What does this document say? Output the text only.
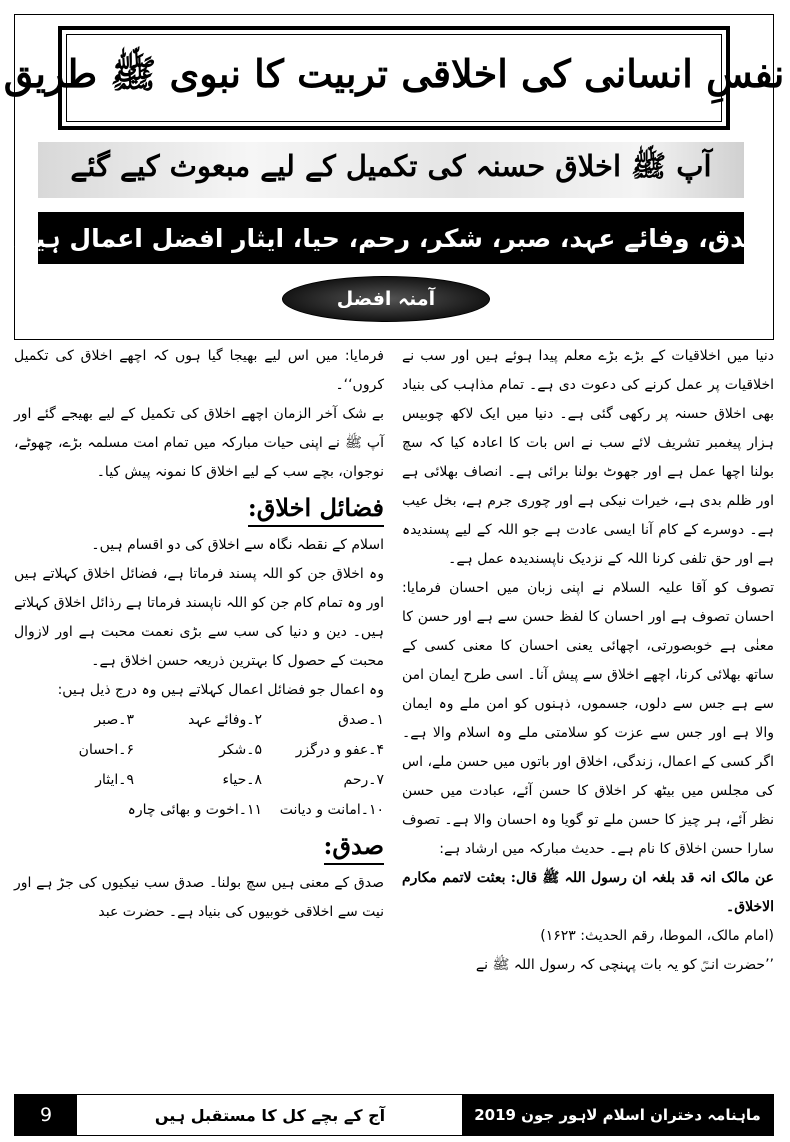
نفسِ انسانی کی اخلاقی تربیت کا نبوی ﷺ طریق
آپ ﷺ اخلاق حسنہ کی تکمیل کے لیے مبعوث کیے گئے
صدق، وفائے عہد، صبر، شکر، رحم، حیا، ایثار افضل اعمال ہیں
آمنہ افضل

دنیا میں اخلاقیات کے بڑے بڑے معلم پیدا ہوئے ہیں اور سب نے اخلاقیات پر عمل کرنے کی دعوت دی ہے۔ تمام مذاہب کی بنیاد بھی اخلاق حسنہ پر رکھی گئی ہے۔ دنیا میں ایک لاکھ چوبیس ہزار پیغمبر تشریف لائے سب نے اس بات کا اعادہ کیا کہ سچ بولنا اچھا عمل ہے اور جھوٹ بولنا برائی ہے۔ انصاف بھلائی ہے اور ظلم بدی ہے، خیرات نیکی ہے اور چوری جرم ہے، بخل عیب ہے۔ دوسرے کے کام آنا ایسی عادت ہے جو اللہ کے لیے پسندیدہ ہے اور حق تلفی کرنا اللہ کے نزدیک ناپسندیدہ عمل ہے۔

تصوف کو آقا علیہ السلام نے اپنی زبان میں احسان فرمایا: احسان تصوف ہے اور احسان کا لفظ حسن سے ہے اور حسن کا معنٰی ہے خوبصورتی، اچھائی یعنی احسان کا معنی کسی کے ساتھ بھلائی کرنا، اچھے اخلاق سے پیش آنا۔ اسی طرح ایمان امن سے ہے جس سے دلوں، جسموں، ذہنوں کو امن ملے وہ ایمان والا ہے اور جس سے عزت کو سلامتی ملے وہ اسلام والا ہے۔ اگر کسی کے اعمال، زندگی، اخلاق اور باتوں میں حسن ملے، اس کی مجلس میں بیٹھ کر اخلاق کا حسن آئے، عبادت میں حسن نظر آئے، ہر چیز کا حسن ملے تو گویا وہ احسان والا ہے۔ تصوف سارا حسن اخلاق کا نام ہے۔ حدیث مبارکہ میں ارشاد ہے:

عن مالک انہ قد بلغہ ان رسول اللہ ﷺ قال: بعثت لاتمم مکارم الاخلاق۔

(امام مالک، الموطا، رقم الحدیث: ۱۶۲۳)

’’حضرت انسؓ کو یہ بات پہنچی کہ رسول اللہ ﷺ نے

فرمایا: میں اس لیے بھیجا گیا ہوں کہ اچھے اخلاق کی تکمیل کروں‘‘۔

بے شک آخر الزمان اچھے اخلاق کی تکمیل کے لیے بھیجے گئے اور آپ ﷺ نے اپنی حیات مبارکہ میں تمام امت مسلمہ بڑے، چھوٹے، نوجوان، بچے سب کے لیے اخلاق کا نمونہ پیش کیا۔

فضائل اخلاق:

اسلام کے نقطہ نگاہ سے اخلاق کی دو اقسام ہیں۔

وہ اخلاق جن کو اللہ پسند فرماتا ہے، فضائل اخلاق کہلاتے ہیں اور وہ تمام کام جن کو اللہ ناپسند فرماتا ہے رذائل اخلاق کہلاتے ہیں۔ دین و دنیا کی سب سے بڑی نعمت محبت ہے اور لازوال محبت کے حصول کا بہترین ذریعہ حسن اخلاق ہے۔

وہ اعمال جو فضائل اعمال کہلاتے ہیں وہ درج ذیل ہیں:

۱۔صدق
۲۔وفائے عہد
۳۔صبر
۴۔عفو و درگزر
۵۔شکر
۶۔احسان
۷۔رحم
۸۔حیاء
۹۔ایثار
۱۰۔امانت و دیانت
۱۱۔اخوت و بھائی چارہ
صدق:

صدق کے معنی ہیں سچ بولنا۔ صدق سب نیکیوں کی جڑ ہے اور نیت سے اخلاقی خوبیوں کی بنیاد ہے۔ حضرت عبد

9	آج کے بچے کل کا مستقبل ہیں	ماہنامہ دختران اسلام لاہور جون 2019
